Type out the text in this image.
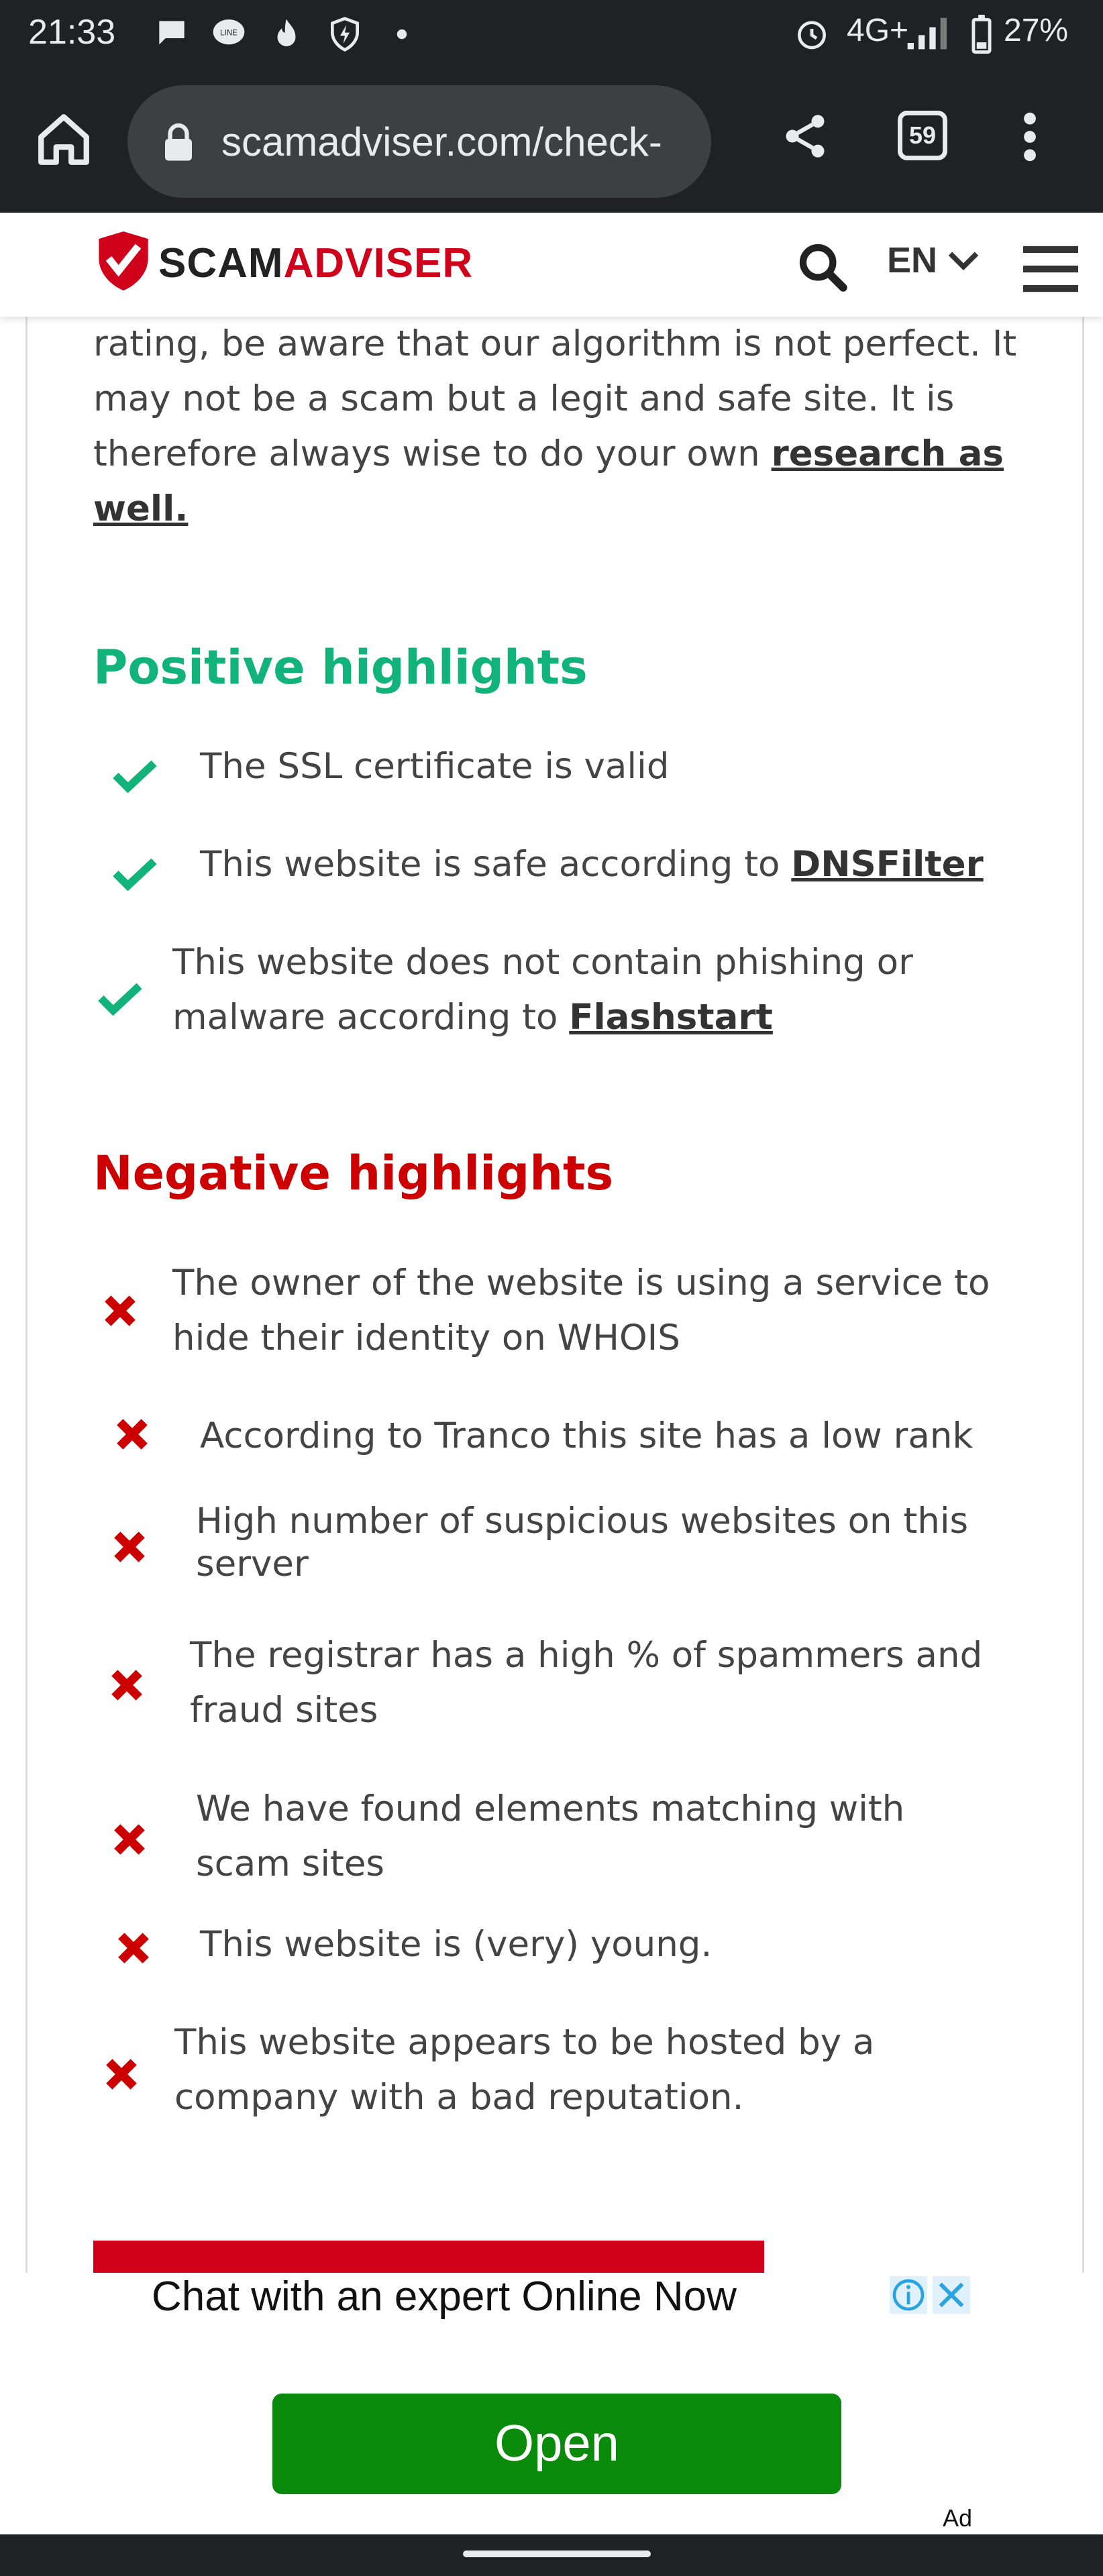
21:33	LINE	4G+	27%
scamadviser.com/check-	59
SCAMADVISER	EN
rating, be aware that our algorithm is not perfect. It may not be a scam but a legit and safe site. It is therefore always wise to do your own research as well.
Positive highlights
The SSL certificate is valid
This website is safe according to DNSFilter
This website does not contain phishing or malware according to Flashstart
Negative highlights
The owner of the website is using a service to hide their identity on WHOIS
According to Tranco this site has a low rank
High number of suspicious websites on this server
The registrar has a high % of spammers and fraud sites
We have found elements matching with scam sites
This website is (very) young.
This website appears to be hosted by a company with a bad reputation.
Chat with an expert Online Now
Open
Ad
